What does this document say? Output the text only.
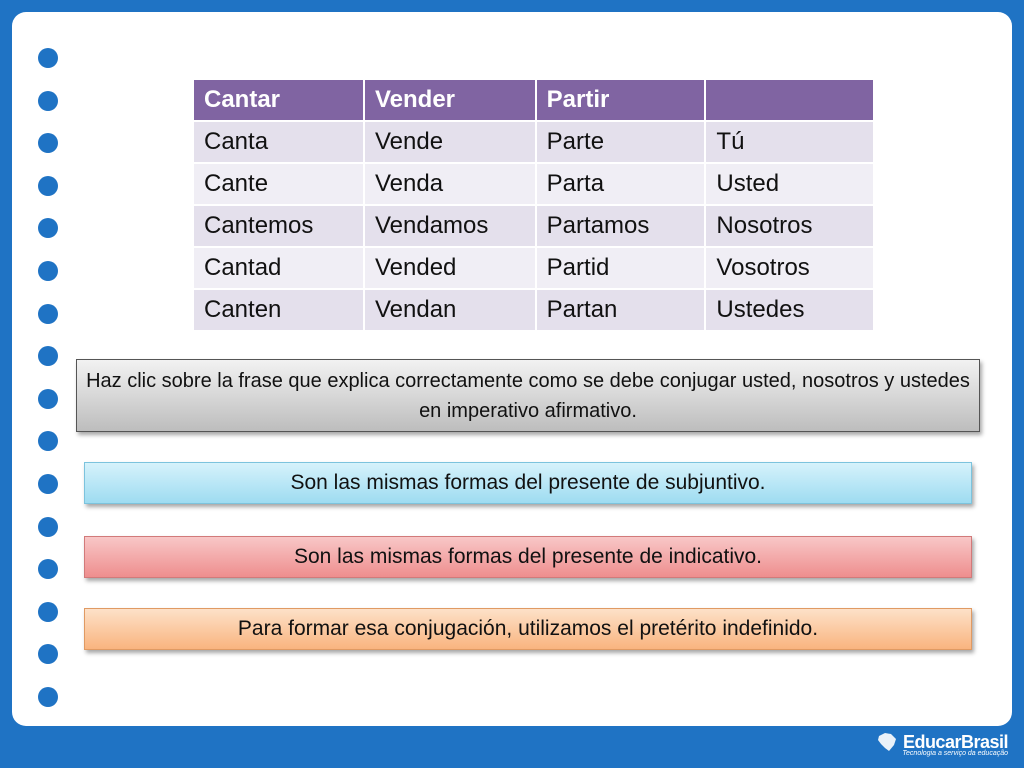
Cantar	Vender	Partir	
Canta	Vende	Parte	Tú
Cante	Venda	Parta	Usted
Cantemos	Vendamos	Partamos	Nosotros
Cantad	Vended	Partid	Vosotros
Canten	Vendan	Partan	Ustedes
Haz clic sobre la frase que explica correctamente como se debe conjugar usted, nosotros y ustedes en imperativo afirmativo.
Son las mismas formas del presente de subjuntivo.
Son las mismas formas del presente de indicativo.
Para formar esa conjugación, utilizamos el pretérito indefinido.
EducarBrasil
Tecnologia a serviço da educação
